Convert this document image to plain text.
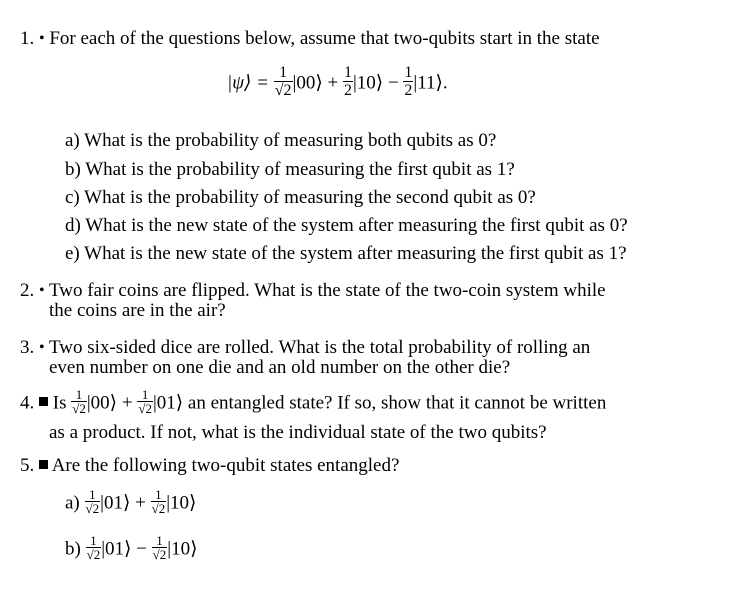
1. • For each of the questions below, assume that two-qubits start in the state
|ψ⟩ = $\frac{1}{√2}$ |00⟩ + $\frac{1}{2}$ |10⟩ − $\frac{1}{2}$ |11⟩.
a) What is the probability of measuring both qubits as 0?
b) What is the probability of measuring the first qubit as 1?
c) What is the probability of measuring the second qubit as 0?
d) What is the new state of the system after measuring the first qubit as 0?
e) What is the new state of the system after measuring the first qubit as 1?
2. • Two fair coins are flipped. What is the state of the two-coin system while
the coins are in the air?
3. • Two six-sided dice are rolled. What is the total probability of rolling an
even number on one die and an old number on the other die?
4. Is $\frac{1}{√2}$ |00⟩ + $\frac{1}{√2}$ |01⟩ an entangled state? If so, show that it cannot be written
as a product. If not, what is the individual state of the two qubits?
5. Are the following two-qubit states entangled?
$a) \frac{1}{√2}$ |01⟩ + $\frac{1}{√2}$ |10⟩
$b) \frac{1}{√2}$ |01⟩ − $\frac{1}{√2}$ |10⟩
